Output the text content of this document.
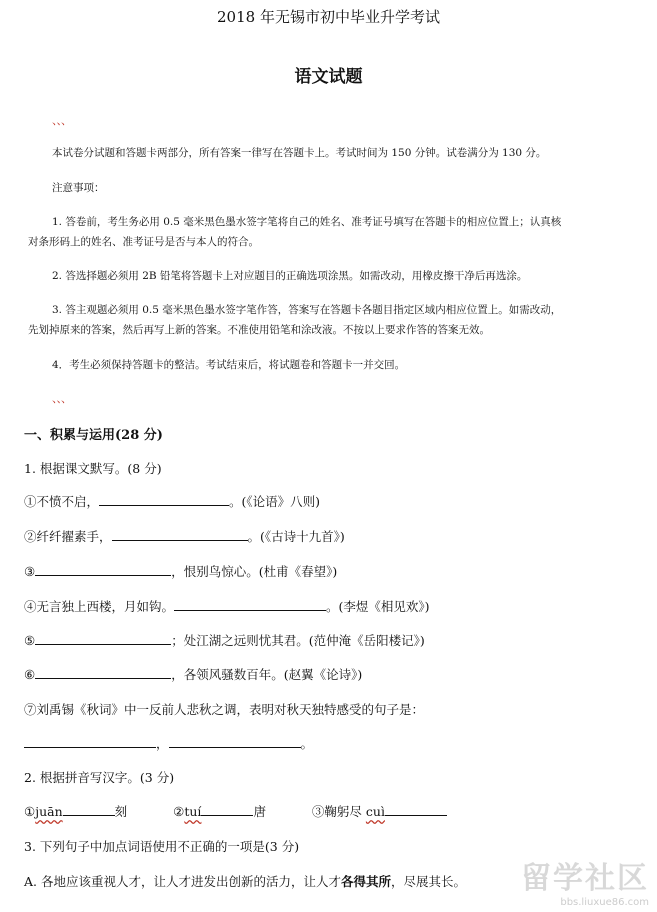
2018 年无锡市初中毕业升学考试
语文试题
、、、
本试卷分试题和答题卡两部分，所有答案一律写在答题卡上。考试时间为 150 分钟。试卷满分为 130 分。
注意事项：
1. 答卷前，考生务必用 0.5 毫米黑色墨水签字笔将自己的姓名、准考证号填写在答题卡的相应位置上；认真核
对条形码上的姓名、准考证号是否与本人的符合。
2. 答选择题必须用 2B 铅笔将答题卡上对应题目的正确选项涂黑。如需改动，用橡皮擦干净后再选涂。
3. 答主观题必须用 0.5 毫米黑色墨水签字笔作答，答案写在答题卡各题目指定区域内相应位置上。如需改动，
先划掉原来的答案，然后再写上新的答案。不准使用铅笔和涂改液。不按以上要求作答的答案无效。
4．考生必须保持答题卡的整洁。考试结束后，将试题卷和答题卡一并交回。
、、、
一、积累与运用(28 分)
1. 根据课文默写。(8 分)
①不愤不启，	。(《论语》八则)
②纤纤擢素手，	。(《古诗十九首》)
③	，恨别鸟惊心。(杜甫《春望》)
④无言独上西楼，月如钩。	。(李煜《相见欢》)
⑤	；处江湖之远则忧其君。(范仲淹《岳阳楼记》)
⑥	，各领风骚数百年。(赵翼《论诗》)
⑦刘禹锡《秋词》中一反前人悲秋之调，表明对秋天独特感受的句子是：
，	。
2. 根据拼音写汉字。(3 分)
①juān	刻	②tuí	唐	③鞠躬尽 cuì
3. 下列句子中加点词语使用不正确的一项是(3 分)
A. 各地应该重视人才，让人才进发出创新的活力，让人才各得其所，尽展其长。 留学社区
bbs.liuxue86.com
